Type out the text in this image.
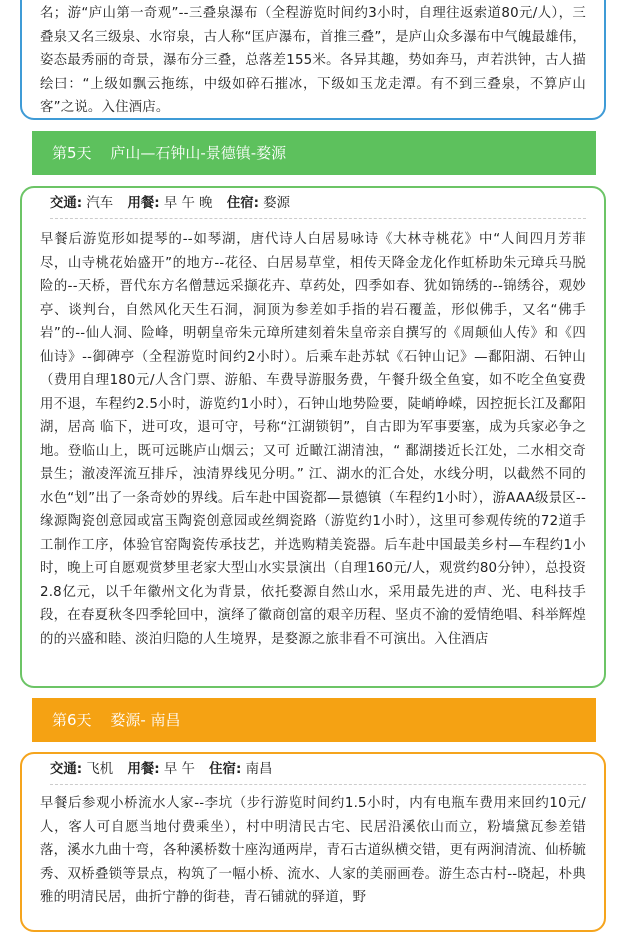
名；游“庐山第一奇观”--三叠泉瀑布（全程游览时间约3小时，自理往返索道80元/人），三叠泉又名三级泉、水帘泉，古人称“匡庐瀑布，首推三叠”，是庐山众多瀑布中气魄最雄伟，姿态最秀丽的奇景，瀑布分三叠，总落差155米。各异其趣，势如奔马，声若洪钟，古人描绘曰：“上级如飘云拖练，中级如碎石摧冰，下级如玉龙走潭。有不到三叠泉，不算庐山客”之说。入住酒店。
第5天 庐山—石钟山-景德镇-婺源
交通: 汽车 用餐: 早 午 晚 住宿: 婺源
早餐后游览形如提琴的--如琴湖，唐代诗人白居易咏诗《大林寺桃花》中“人间四月芳菲尽，山寺桃花始盛开”的地方--花径、白居易草堂，相传天降金龙化作虹桥助朱元璋兵马脱险的--天桥，晋代东方名僧慧远采撷花卉、草药处，四季如春、犹如锦绣的--锦绣谷，观妙亭、谈判台，自然风化天生石洞，洞顶为参差如手指的岩石覆盖，形似佛手，又名“佛手岩”的--仙人洞、险峰，明朝皇帝朱元璋所建刻着朱皇帝亲自撰写的《周颠仙人传》和《四仙诗》--御碑亭（全程游览时间约2小时）。后乘车赴苏轼《石钟山记》—鄱阳湖、石钟山（费用自理180元/人含门票、游船、车费导游服务费，午餐升级全鱼宴，如不吃全鱼宴费用不退，车程约2.5小时，游览约1小时），石钟山地势险要，陡峭峥嵘，因控扼长江及鄱阳湖，居高 临下，进可攻，退可守，号称“江湖锁钥”，自古即为军事要塞，成为兵家必争之地。登临山上，既可远眺庐山烟云；又可 近瞰江湖清浊，“ 鄱湖搂近长江处，二水相交奇景生；澈凌浑流互排斥，浊清界线见分明。” 江、湖水的汇合处，水线分明，以截然不同的水色“划”出了一条奇妙的界线。后车赴中国瓷都—景德镇（车程约1小时），游AAA级景区--缘源陶瓷创意园或富玉陶瓷创意园或丝绸瓷路（游览约1小时），这里可参观传统的72道手工制作工序，体验官窑陶瓷传承技艺，并选购精美瓷器。后车赴中国最美乡村—车程约1小时，晚上可自愿观赏梦里老家大型山水实景演出（自理160元/人，观赏约80分钟），总投资2.8亿元，以千年徽州文化为背景，依托婺源自然山水，采用最先进的声、光、电科技手段，在春夏秋冬四季轮回中，演绎了徽商创富的艰辛历程、坚贞不渝的爱情绝唱、科举辉煌的的兴盛和睦、淡泊归隐的人生境界，是婺源之旅非看不可演出。入住酒店
第6天 婺源- 南昌
交通: 飞机 用餐: 早 午 住宿: 南昌
早餐后参观小桥流水人家--李坑（步行游览时间约1.5小时，内有电瓶车费用来回约10元/人，客人可自愿当地付费乘坐），村中明清民古宅、民居沿溪依山而立，粉墙黛瓦参差错落，溪水九曲十弯，各种溪桥数十座沟通两岸，青石古道纵横交错，更有两涧清流、仙桥毓秀、双桥叠锁等景点，构筑了一幅小桥、流水、人家的美丽画卷。游生态古村--晓起，朴典雅的明清民居，曲折宁静的街巷，青石铺就的驿道，野
